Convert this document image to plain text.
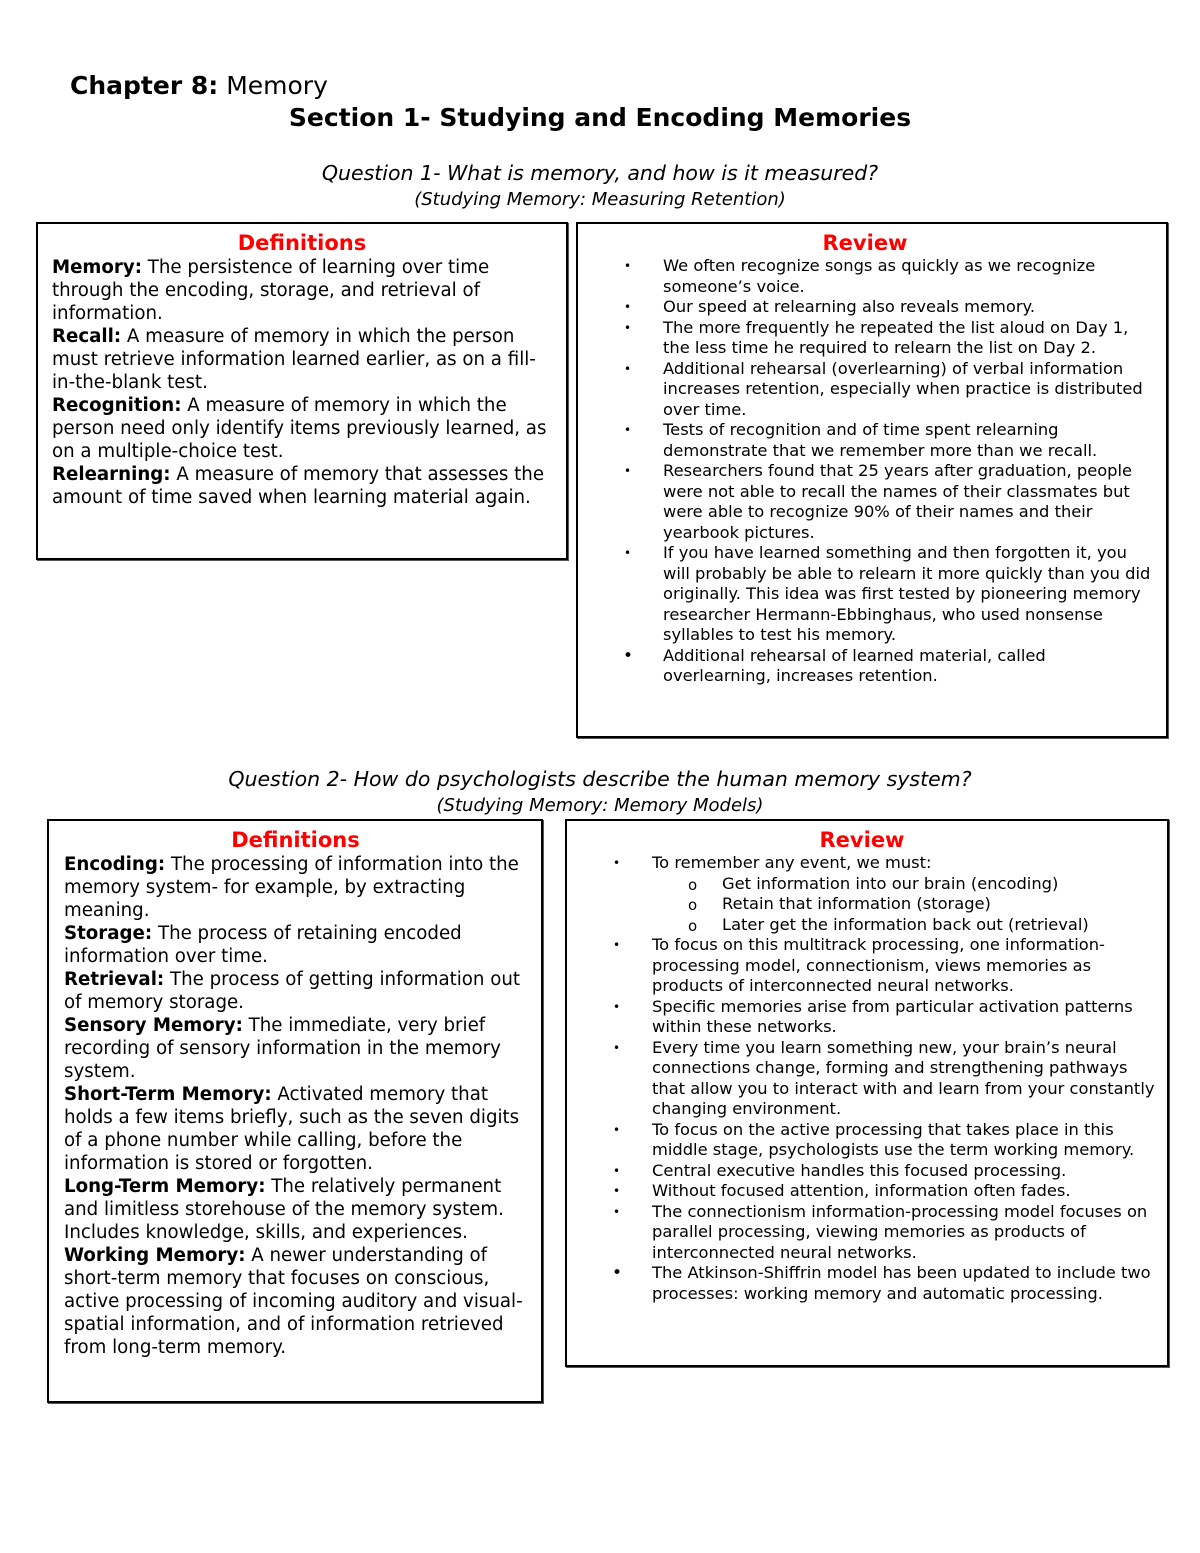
Chapter 8: Memory
Section 1- Studying and Encoding Memories
Question 1- What is memory, and how is it measured?
(Studying Memory: Measuring Retention)
Definitions

Memory: The persistence of learning over time through the encoding, storage, and retrieval of information.

Recall: A measure of memory in which the person must retrieve information learned earlier, as on a fill-in-the-blank test.

Recognition: A measure of memory in which the person need only identify items previously learned, as on a multiple-choice test.

Relearning: A measure of memory that assesses the amount of time saved when learning material again.

Review
• We often recognize songs as quickly as we recognize someone’s voice.
• Our speed at relearning also reveals memory.
• The more frequently he repeated the list aloud on Day 1, the less time he required to relearn the list on Day 2.
• Additional rehearsal (overlearning) of verbal information increases retention, especially when practice is distributed over time.
• Tests of recognition and of time spent relearning demonstrate that we remember more than we recall.
• Researchers found that 25 years after graduation, people were not able to recall the names of their classmates but were able to recognize 90% of their names and their yearbook pictures.
• If you have learned something and then forgotten it, you will probably be able to relearn it more quickly than you did originally. This idea was first tested by pioneering memory researcher Hermann-Ebbinghaus, who used nonsense syllables to test his memory.
• Additional rehearsal of learned material, called overlearning, increases retention.
Question 2- How do psychologists describe the human memory system?
(Studying Memory: Memory Models)
Definitions

Encoding: The processing of information into the memory system- for example, by extracting meaning.

Storage: The process of retaining encoded information over time.

Retrieval: The process of getting information out of memory storage.

Sensory Memory: The immediate, very brief recording of sensory information in the memory system.

Short-Term Memory: Activated memory that holds a few items briefly, such as the seven digits of a phone number while calling, before the information is stored or forgotten.

Long-Term Memory: The relatively permanent and limitless storehouse of the memory system. Includes knowledge, skills, and experiences.

Working Memory: A newer understanding of short-term memory that focuses on conscious, active processing of incoming auditory and visual-spatial information, and of information retrieved from long-term memory.

Review
• To remember any event, we must:
o Get information into our brain (encoding)
o Retain that information (storage)
o Later get the information back out (retrieval)
• To focus on this multitrack processing, one information-processing model, connectionism, views memories as products of interconnected neural networks.
• Specific memories arise from particular activation patterns within these networks.
• Every time you learn something new, your brain’s neural connections change, forming and strengthening pathways that allow you to interact with and learn from your constantly changing environment.
• To focus on the active processing that takes place in this middle stage, psychologists use the term working memory.
• Central executive handles this focused processing.
• Without focused attention, information often fades.
• The connectionism information-processing model focuses on parallel processing, viewing memories as products of interconnected neural networks.
• The Atkinson-Shiffrin model has been updated to include two processes: working memory and automatic processing.
